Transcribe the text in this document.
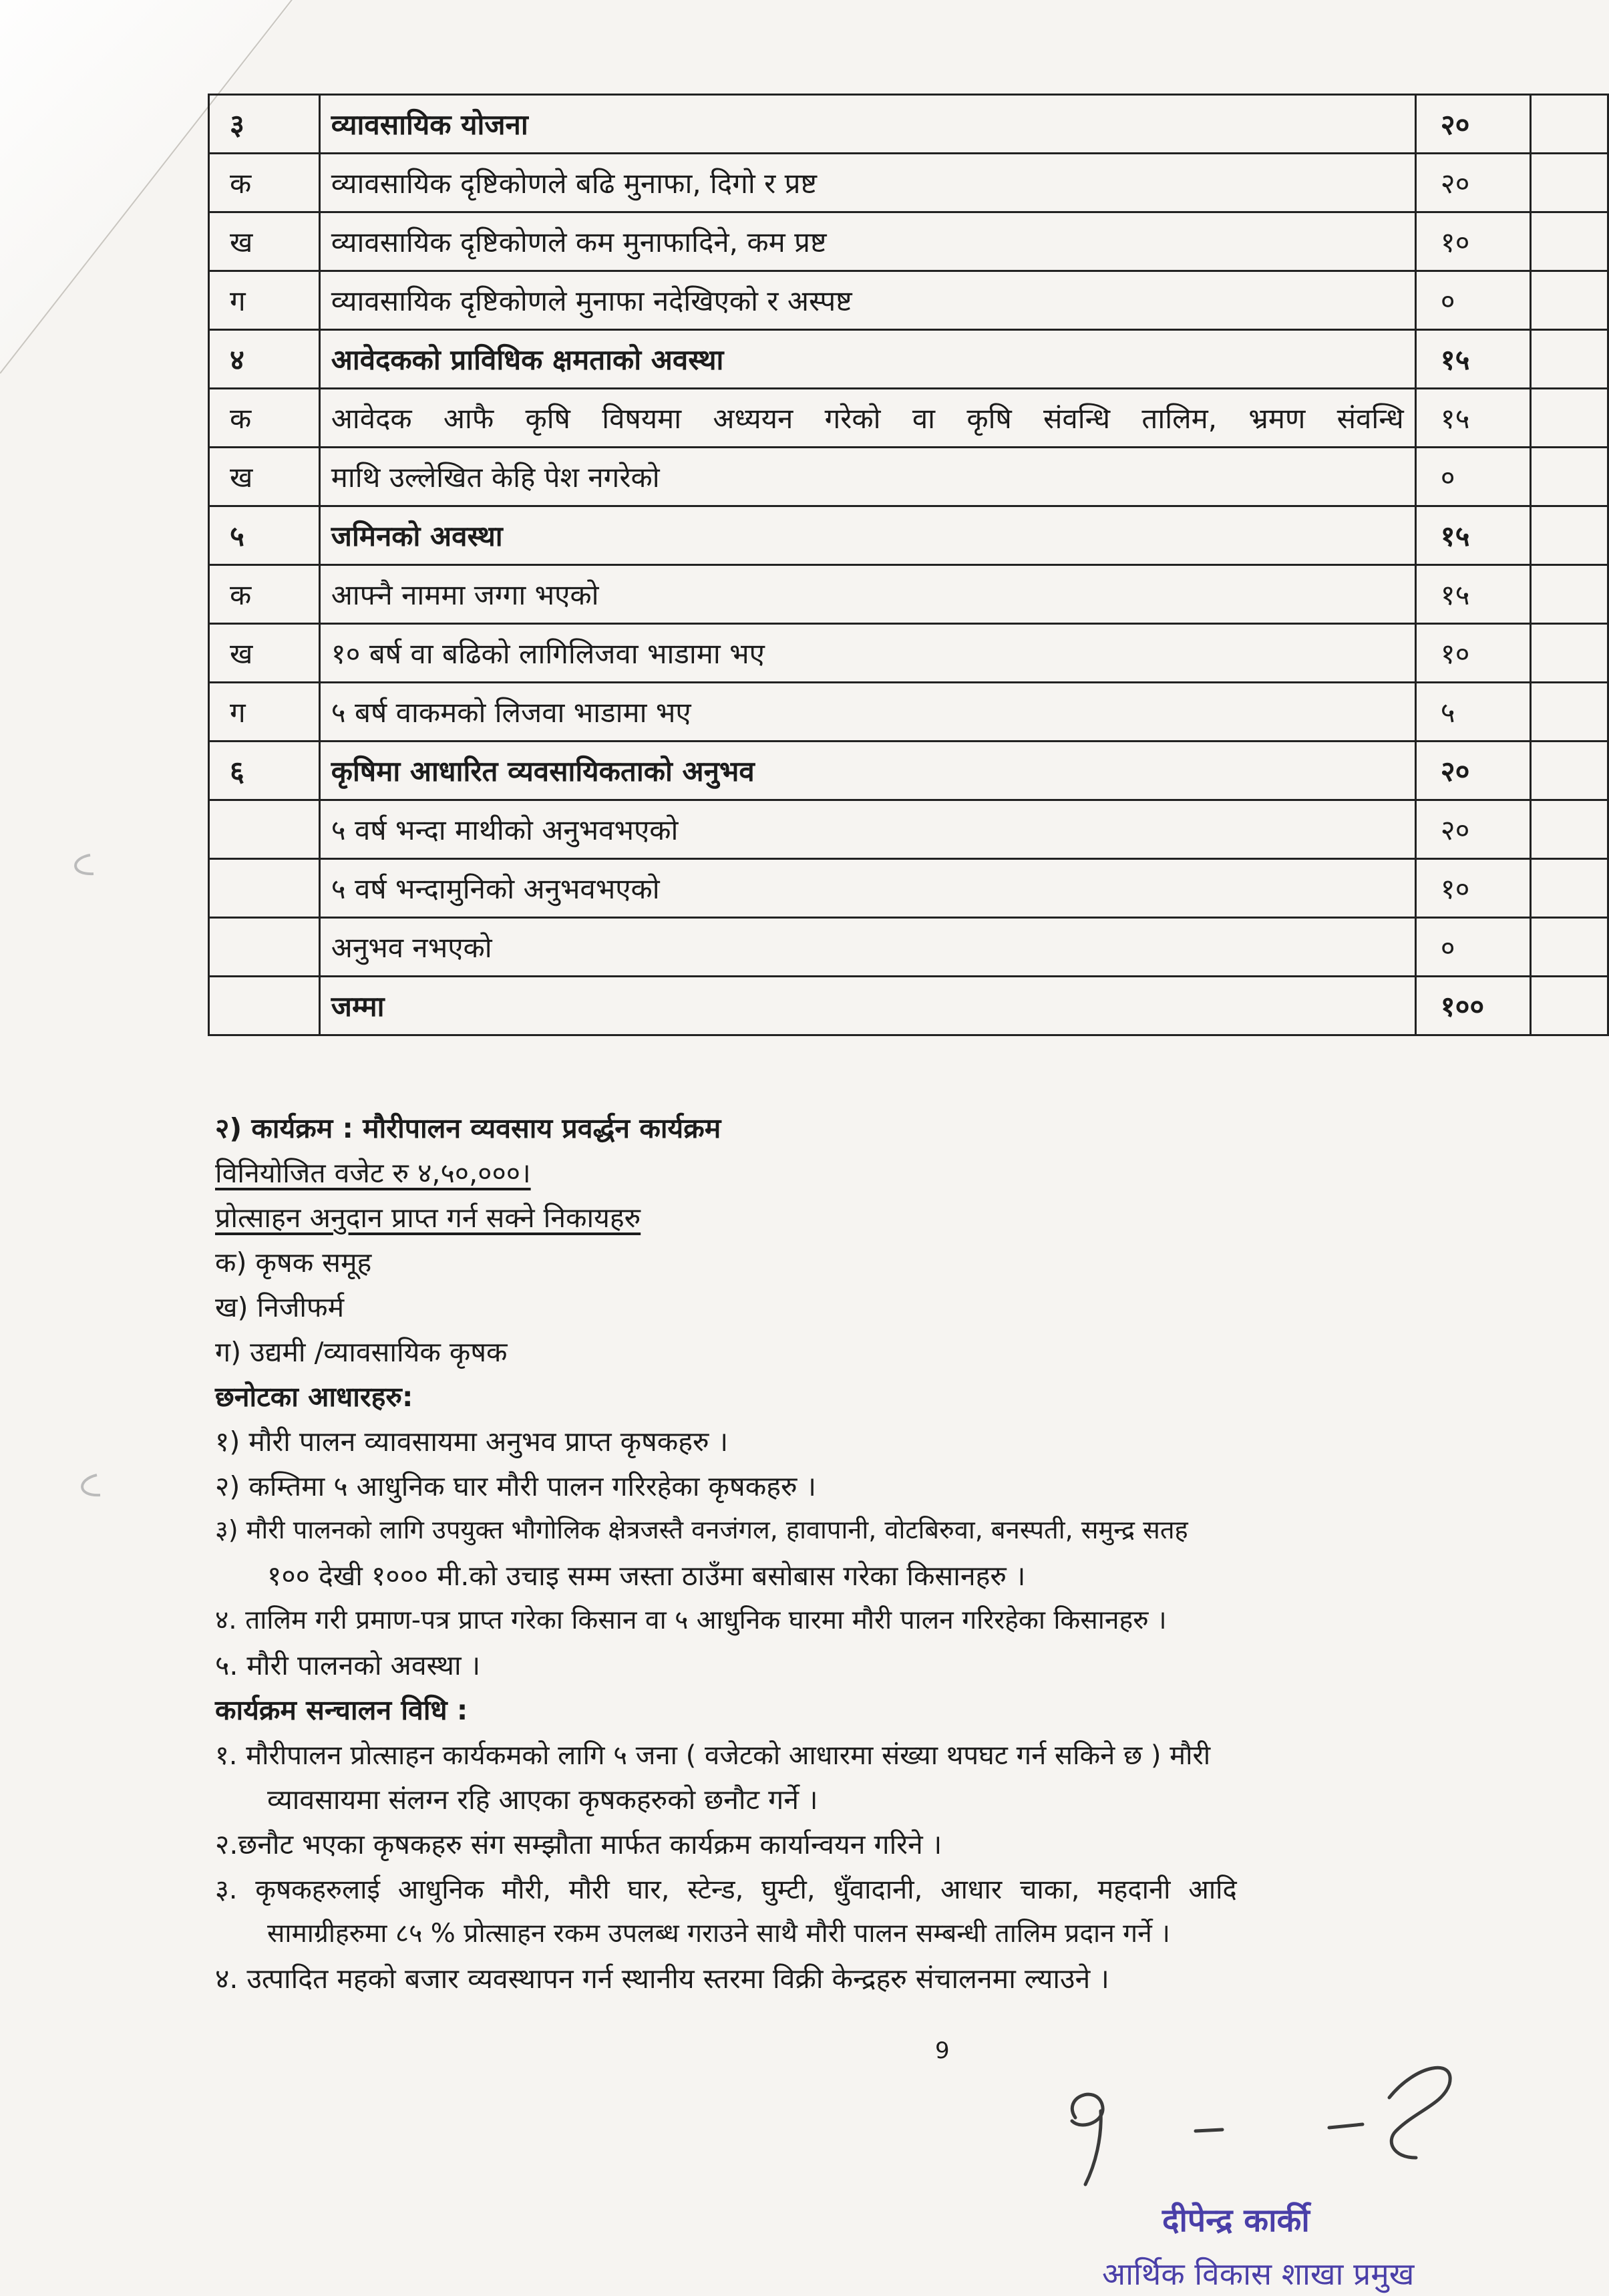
३	व्यावसायिक योजना	२०	
क	व्यावसायिक दृष्टिकोणले बढि मुनाफा, दिगो र प्रष्ट	२०	
ख	व्यावसायिक दृष्टिकोणले कम मुनाफादिने, कम प्रष्ट	१०	
ग	व्यावसायिक दृष्टिकोणले मुनाफा नदेखिएको र अस्पष्ट	०	
४	आवेदकको प्राविधिक क्षमताको अवस्था	१५	
क	आवेदक आफै कृषि विषयमा अध्ययन गरेको वा कृषि संवन्धि तालिम, भ्रमण संवन्धि	१५	
ख	माथि उल्लेखित केहि पेश नगरेको	०	
५	जमिनको अवस्था	१५	
क	आफ्नै नाममा जग्गा भएको	१५	
ख	१० बर्ष वा बढिको लागिलिजवा भाडामा भए	१०	
ग	५ बर्ष वाकमको लिजवा भाडामा भए	५	
६	कृषिमा आधारित व्यवसायिकताको अनुभव	२०	
	५ वर्ष भन्दा माथीको अनुभवभएको	२०	
	५ वर्ष भन्दामुनिको अनुभवभएको	१०	
	अनुभव नभएको	०	
	जम्मा	१००	
२) कार्यक्रम : मौरीपालन व्यवसाय प्रवर्द्धन कार्यक्रम
विनियोजित वजेट रु ४,५०,०००।
प्रोत्साहन अनुदान प्राप्त गर्न सक्ने निकायहरु
क) कृषक समूह
ख) निजीफर्म
ग) उद्यमी /व्यावसायिक कृषक
छनोटका आधारहरु:
१) मौरी पालन व्यावसायमा अनुभव प्राप्त कृषकहरु ।
२) कम्तिमा ५ आधुनिक घार मौरी पालन गरिरहेका कृषकहरु ।
३) मौरी पालनको लागि उपयुक्त भौगोलिक क्षेत्रजस्तै वनजंगल, हावापानी, वोटबिरुवा, बनस्पती, समुन्द्र सतह
१०० देखी १००० मी.को उचाइ सम्म जस्ता ठाउँमा बसोबास गरेका किसानहरु ।
४. तालिम गरी प्रमाण-पत्र प्राप्त गरेका किसान वा ५ आधुनिक घारमा मौरी पालन गरिरहेका किसानहरु ।
५. मौरी पालनको अवस्था ।
कार्यक्रम सन्चालन विधि :
१. मौरीपालन प्रोत्साहन कार्यकमको लागि ५ जना ( वजेटको आधारमा संख्या थपघट गर्न सकिने छ ) मौरी
व्यावसायमा संलग्न रहि आएका कृषकहरुको छनौट गर्ने ।
२.छनौट भएका कृषकहरु संग सम्झौता मार्फत कार्यक्रम कार्यान्वयन गरिने ।
३. कृषकहरुलाई आधुनिक मौरी, मौरी घार, स्टेन्ड, घुम्टी, धुँवादानी, आधार चाका, महदानी आदि
सामाग्रीहरुमा ८५ % प्रोत्साहन रकम उपलब्ध गराउने साथै मौरी पालन सम्बन्धी तालिम प्रदान गर्ने ।
४. उत्पादित महको बजार व्यवस्थापन गर्न स्थानीय स्तरमा विक्री केन्द्रहरु संचालनमा ल्याउने ।
9
दीपेन्द्र कार्की
आर्थिक विकास शाखा प्रमुख
